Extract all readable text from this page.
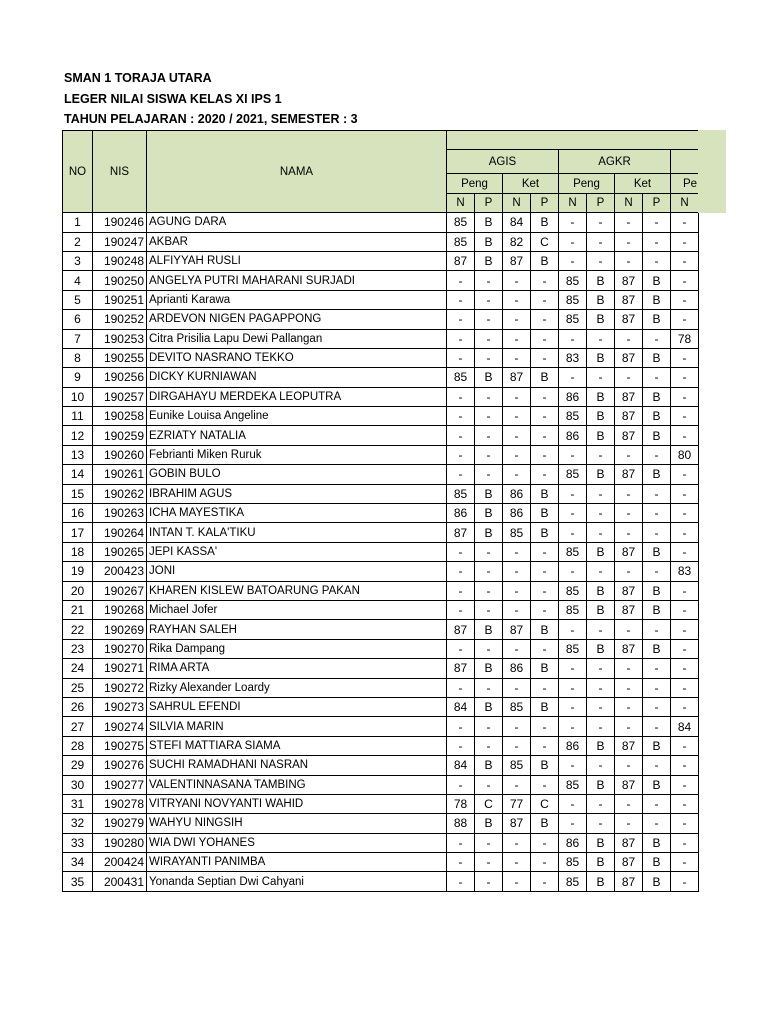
SMAN 1 TORAJA UTARA
LEGER NILAI SISWA KELAS XI IPS 1
TAHUN PELAJARAN : 2020 / 2021, SEMESTER : 3
NO	NIS	NAMA									
			AGIS				AGKR				
			Peng		Ket		Peng		Ket		Pe
			N	P	N	P	N	P	N	P	N
1	190246	AGUNG DARA	85	B	84	B	-	-	-	-	-
2	190247	AKBAR	85	B	82	C	-	-	-	-	-
3	190248	ALFIYYAH RUSLI	87	B	87	B	-	-	-	-	-
4	190250	ANGELYA PUTRI MAHARANI SURJADI	-	-	-	-	85	B	87	B	-
5	190251	Aprianti Karawa	-	-	-	-	85	B	87	B	-
6	190252	ARDEVON NIGEN PAGAPPONG	-	-	-	-	85	B	87	B	-
7	190253	Citra Prisilia Lapu Dewi Pallangan	-	-	-	-	-	-	-	-	78
8	190255	DEVITO NASRANO TEKKO	-	-	-	-	83	B	87	B	-
9	190256	DICKY KURNIAWAN	85	B	87	B	-	-	-	-	-
10	190257	DIRGAHAYU MERDEKA LEOPUTRA	-	-	-	-	86	B	87	B	-
11	190258	Eunike Louisa Angeline	-	-	-	-	85	B	87	B	-
12	190259	EZRIATY NATALIA	-	-	-	-	86	B	87	B	-
13	190260	Febrianti Miken Ruruk	-	-	-	-	-	-	-	-	80
14	190261	GOBIN BULO	-	-	-	-	85	B	87	B	-
15	190262	IBRAHIM AGUS	85	B	86	B	-	-	-	-	-
16	190263	ICHA MAYESTIKA	86	B	86	B	-	-	-	-	-
17	190264	INTAN T. KALA'TIKU	87	B	85	B	-	-	-	-	-
18	190265	JEPI KASSA'	-	-	-	-	85	B	87	B	-
19	200423	JONI	-	-	-	-	-	-	-	-	83
20	190267	KHAREN KISLEW BATOARUNG PAKAN	-	-	-	-	85	B	87	B	-
21	190268	Michael Jofer	-	-	-	-	85	B	87	B	-
22	190269	RAYHAN SALEH	87	B	87	B	-	-	-	-	-
23	190270	Rika Dampang	-	-	-	-	85	B	87	B	-
24	190271	RIMA ARTA	87	B	86	B	-	-	-	-	-
25	190272	Rizky Alexander Loardy	-	-	-	-	-	-	-	-	-
26	190273	SAHRUL EFENDI	84	B	85	B	-	-	-	-	-
27	190274	SILVIA MARIN	-	-	-	-	-	-	-	-	84
28	190275	STEFI MATTIARA SIAMA	-	-	-	-	86	B	87	B	-
29	190276	SUCHI RAMADHANI NASRAN	84	B	85	B	-	-	-	-	-
30	190277	VALENTINNASANA TAMBING	-	-	-	-	85	B	87	B	-
31	190278	VITRYANI NOVYANTI WAHID	78	C	77	C	-	-	-	-	-
32	190279	WAHYU NINGSIH	88	B	87	B	-	-	-	-	-
33	190280	WIA DWI YOHANES	-	-	-	-	86	B	87	B	-
34	200424	WIRAYANTI PANIMBA	-	-	-	-	85	B	87	B	-
35	200431	Yonanda Septian Dwi Cahyani	-	-	-	-	85	B	87	B	-
